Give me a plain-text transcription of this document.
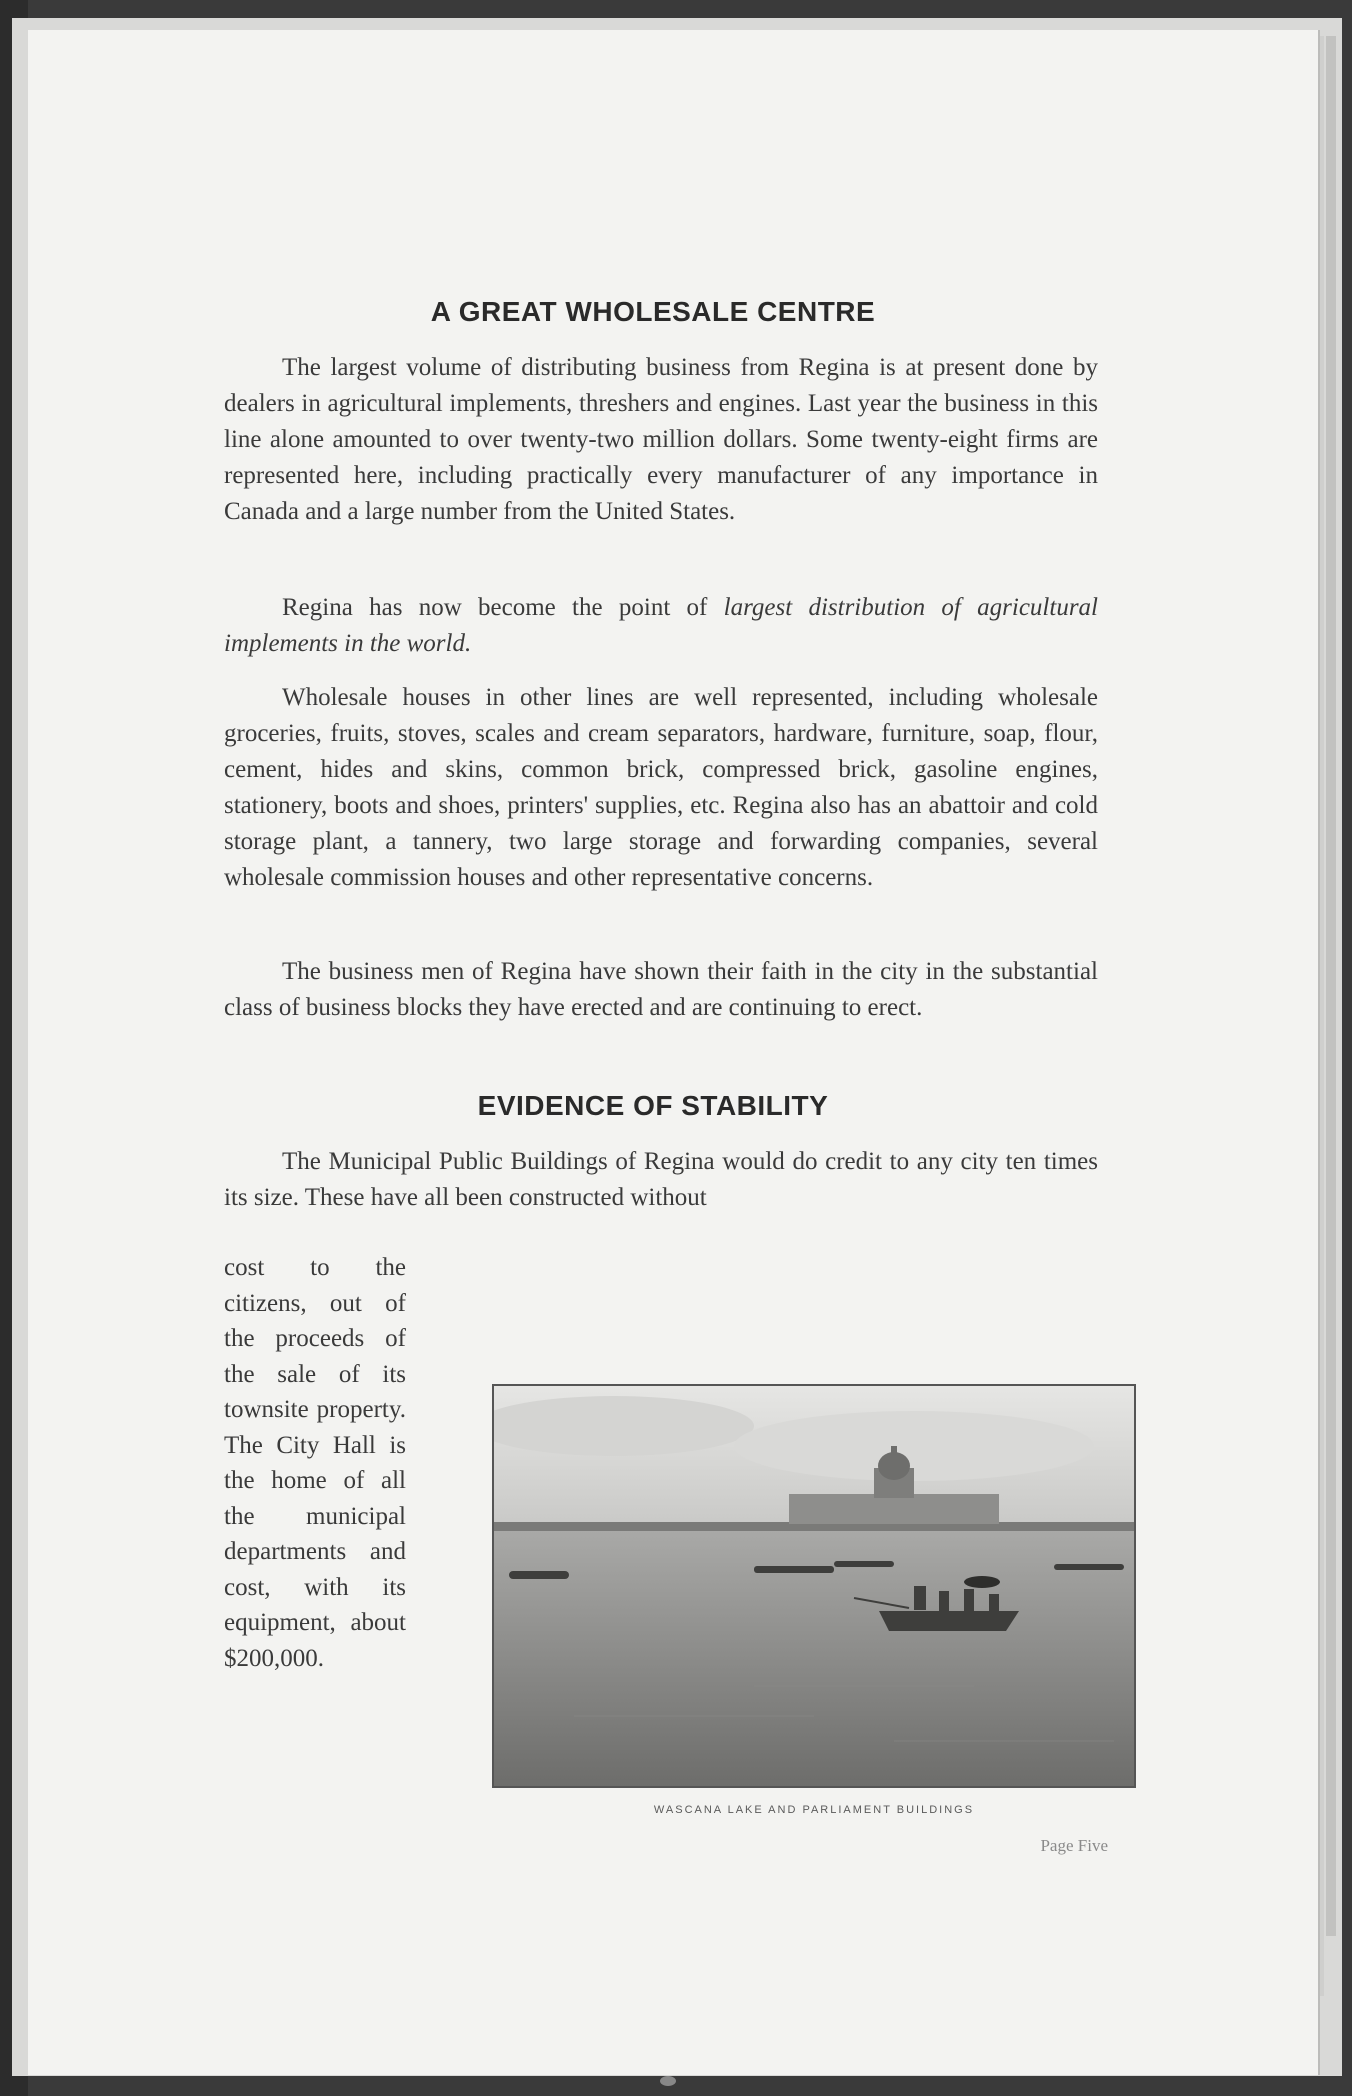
A GREAT WHOLESALE CENTRE

The largest volume of distributing business from Regina is at present done by dealers in agricultural implements, threshers and engines. Last year the business in this line alone amounted to over twenty-two million dollars. Some twenty-eight firms are represented here, including practically every manufacturer of any importance in Canada and a large number from the United States.

Regina has now become the point of largest distribution of agricultural implements in the world.

Wholesale houses in other lines are well represented, including wholesale groceries, fruits, stoves, scales and cream separators, hardware, furniture, soap, flour, cement, hides and skins, common brick, compressed brick, gasoline engines, stationery, boots and shoes, printers' supplies, etc. Regina also has an abattoir and cold storage plant, a tannery, two large storage and forwarding companies, several wholesale commission houses and other representative concerns.

The business men of Regina have shown their faith in the city in the substantial class of business blocks they have erected and are continuing to erect.

EVIDENCE OF STABILITY

The Municipal Public Buildings of Regina would do credit to any city ten times its size. These have all been constructed without

cost to the citizens, out of the proceeds of the sale of its townsite property. The City Hall is the home of all the municipal departments and cost, with its equipment, about $200,000.

WASCANA LAKE AND PARLIAMENT BUILDINGS
Page Five
